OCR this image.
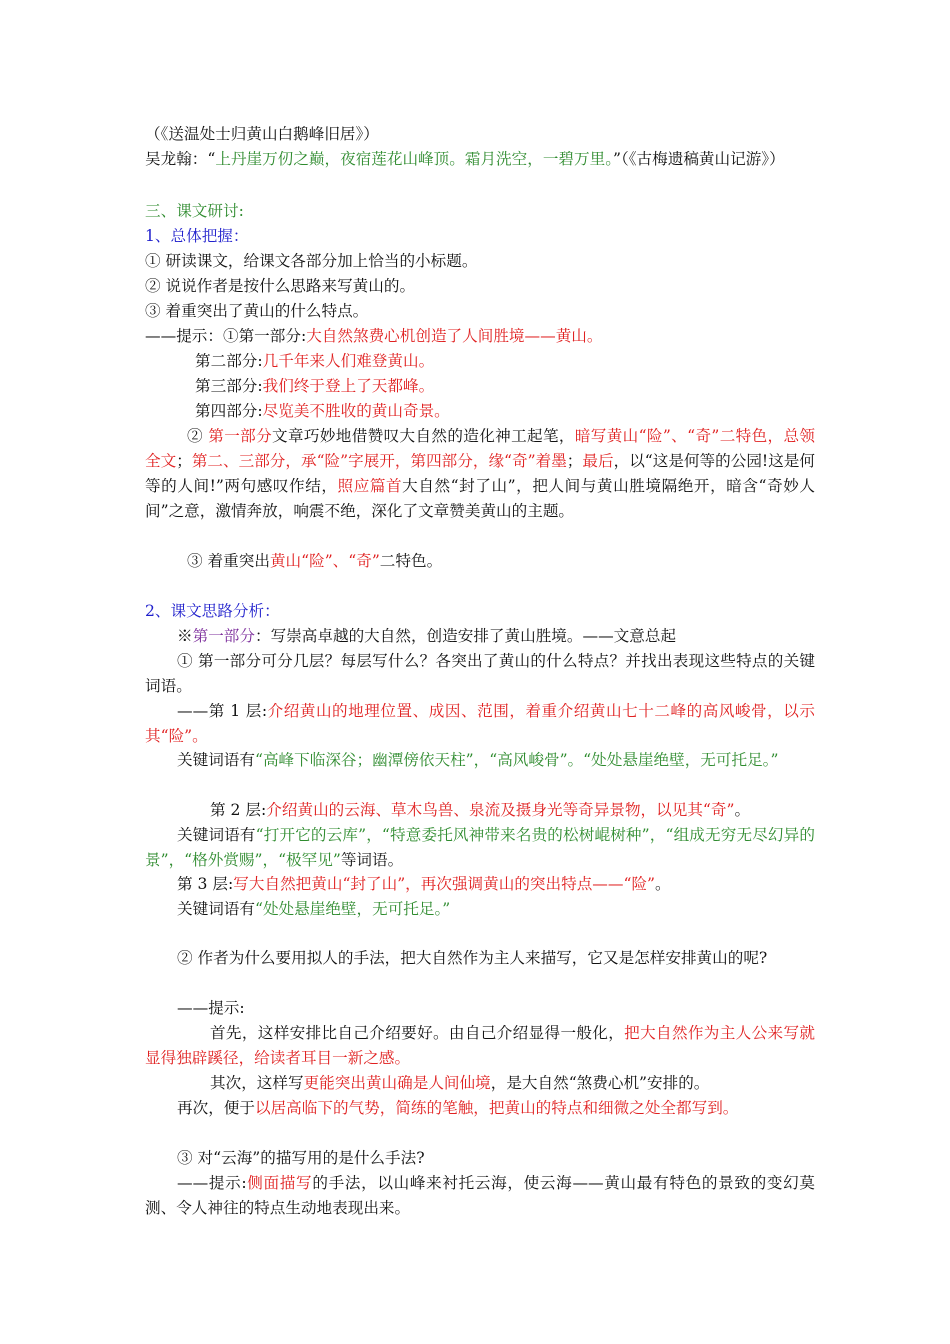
（《送温处士归黄山白鹅峰旧居》）
吴龙翰：“上丹崖万仞之巅，夜宿莲花山峰顶。霜月洗空，一碧万里。”（《古梅遗稿黄山记游》）
三、课文研讨:
1、总体把握：
① 研读课文，给课文各部分加上恰当的小标题。
② 说说作者是按什么思路来写黄山的。
③ 着重突出了黄山的什么特点。
——提示：①第一部分:大自然煞费心机创造了人间胜境——黄山。
第二部分:几千年来人们难登黄山。
第三部分:我们终于登上了天都峰。
第四部分:尽览美不胜收的黄山奇景。
② 第一部分文章巧妙地借赞叹大自然的造化神工起笔，暗写黄山“险”、“奇”二特色，总领全文；第二、三部分，承“险”字展开，第四部分，缘“奇”着墨；最后，以“这是何等的公园!这是何等的人间!”两句感叹作结，照应篇首大自然“封了山”，把人间与黄山胜境隔绝开，暗含“奇妙人间”之意，激情奔放，响震不绝，深化了文章赞美黄山的主题。
③ 着重突出黄山“险”、“奇”二特色。
2、课文思路分析：
※第一部分：写崇高卓越的大自然，创造安排了黄山胜境。——文意总起
① 第一部分可分几层？每层写什么？各突出了黄山的什么特点？并找出表现这些特点的关键词语。
——第 1 层:介绍黄山的地理位置、成因、范围，着重介绍黄山七十二峰的高风峻骨，以示其“险”。
关键词语有“高峰下临深谷；幽潭傍依天柱”，“高风峻骨”。“处处悬崖绝壁，无可托足。”
第 2 层:介绍黄山的云海、草木鸟兽、泉流及摄身光等奇异景物，以见其“奇”。
关键词语有“打开它的云库”，“特意委托风神带来名贵的松树崐树种”，“组成无穷无尽幻异的景”，“格外赏赐”，“极罕见”等词语。
第 3 层:写大自然把黄山“封了山”，再次强调黄山的突出特点——“险”。
关键词语有“处处悬崖绝壁，无可托足。”
② 作者为什么要用拟人的手法，把大自然作为主人来描写，它又是怎样安排黄山的呢?
——提示:
首先，这样安排比自己介绍要好。由自己介绍显得一般化，把大自然作为主人公来写就显得独辟蹊径，给读者耳目一新之感。
其次，这样写更能突出黄山确是人间仙境，是大自然“煞费心机”安排的。
再次，便于以居高临下的气势，简练的笔触，把黄山的特点和细微之处全都写到。
③ 对“云海”的描写用的是什么手法?
——提示:侧面描写的手法，以山峰来衬托云海，使云海——黄山最有特色的景致的变幻莫测、令人神往的特点生动地表现出来。
